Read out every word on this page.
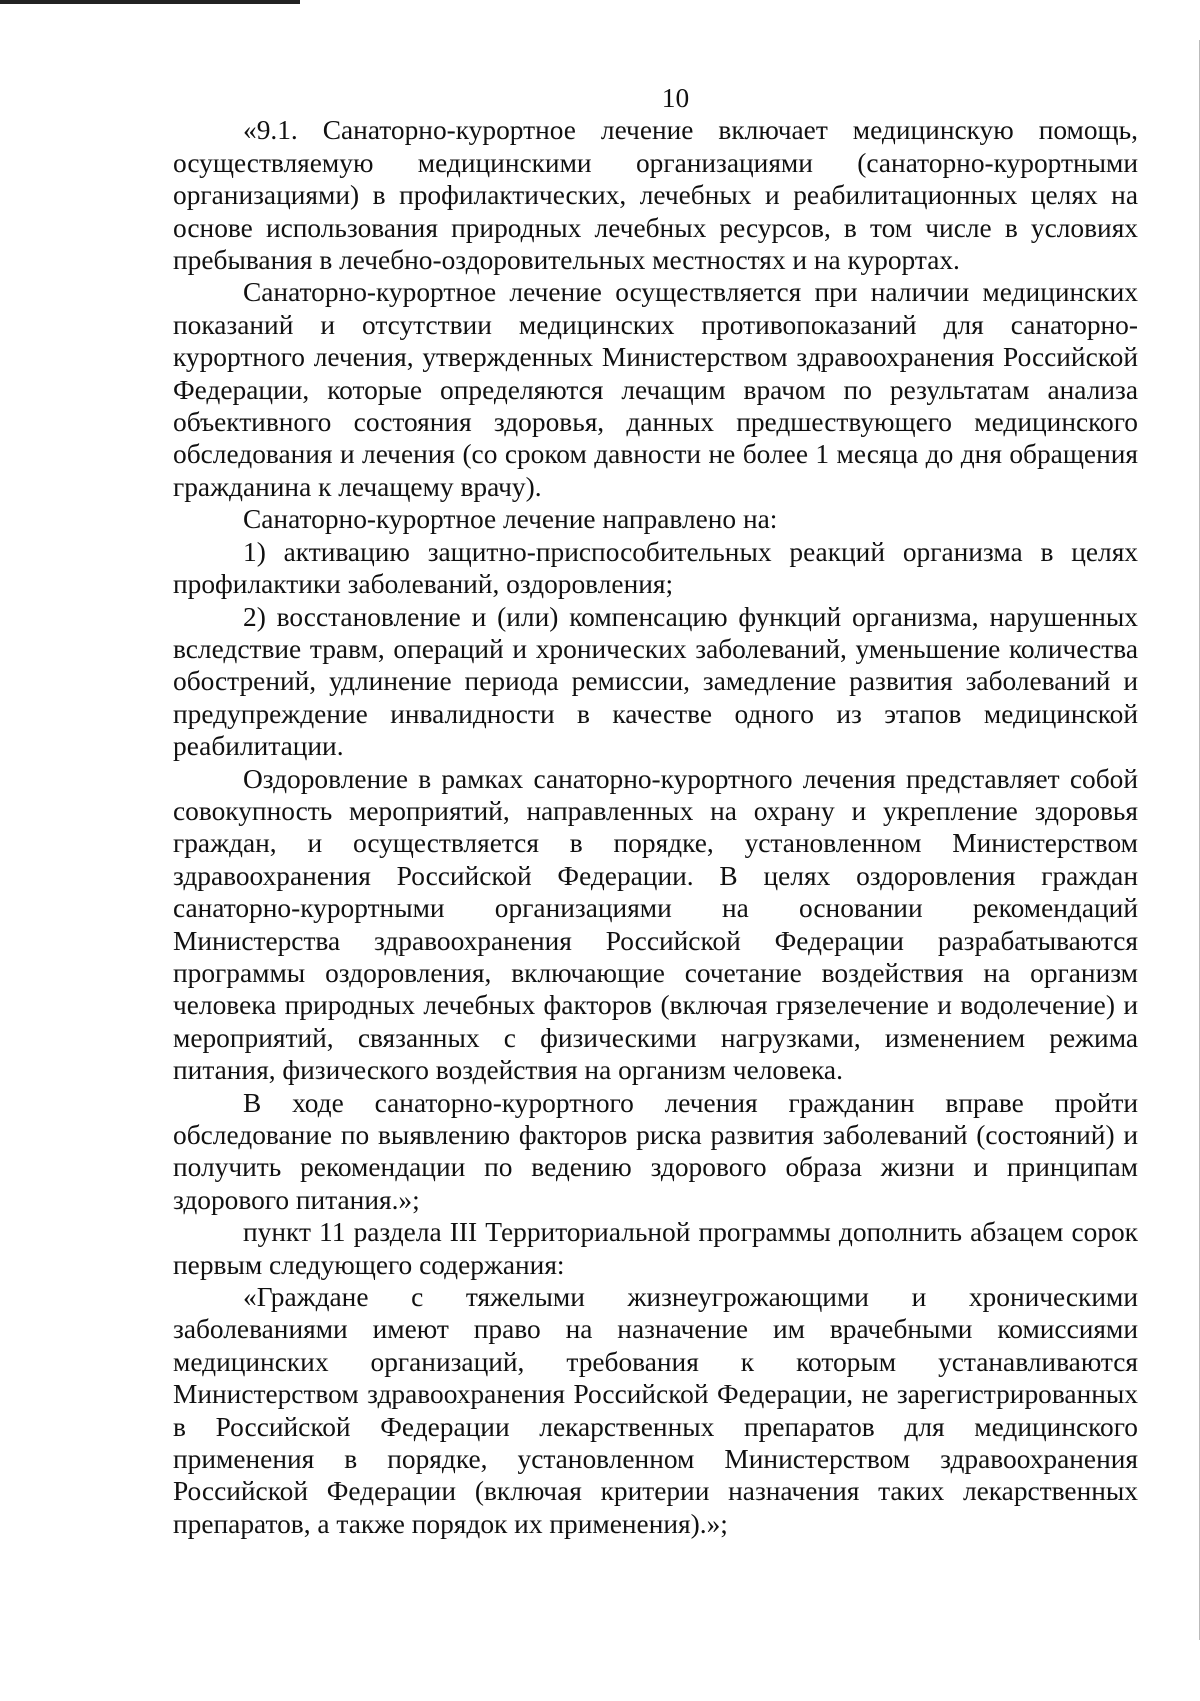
10

«9.1. Санаторно-курортное лечение включает медицинскую помощь, осуществляемую медицинскими организациями (санаторно-курортными организациями) в профилактических, лечебных и реабилитационных целях на основе использования природных лечебных ресурсов, в том числе в условиях пребывания в лечебно-оздоровительных местностях и на курортах.

Санаторно-курортное лечение осуществляется при наличии медицинских показаний и отсутствии медицинских противопоказаний для санаторно-курортного лечения, утвержденных Министерством здравоохранения Российской Федерации, которые определяются лечащим врачом по результатам анализа объективного состояния здоровья, данных предшествующего медицинского обследования и лечения (со сроком давности не более 1 месяца до дня обращения гражданина к лечащему врачу).

Санаторно-курортное лечение направлено на:

1) активацию защитно-приспособительных реакций организма в целях профилактики заболеваний, оздоровления;

2) восстановление и (или) компенсацию функций организма, нарушенных вследствие травм, операций и хронических заболеваний, уменьшение количества обострений, удлинение периода ремиссии, замедление развития заболеваний и предупреждение инвалидности в качестве одного из этапов медицинской реабилитации.

Оздоровление в рамках санаторно-курортного лечения представляет собой совокупность мероприятий, направленных на охрану и укрепление здоровья граждан, и осуществляется в порядке, установленном Министерством здравоохранения Российской Федерации. В целях оздоровления граждан санаторно-курортными организациями на основании рекомендаций Министерства здравоохранения Российской Федерации разрабатываются программы оздоровления, включающие сочетание воздействия на организм человека природных лечебных факторов (включая грязелечение и водолечение) и мероприятий, связанных с физическими нагрузками, изменением режима питания, физического воздействия на организм человека.

В ходе санаторно-курортного лечения гражданин вправе пройти обследование по выявлению факторов риска развития заболеваний (состояний) и получить рекомендации по ведению здорового образа жизни и принципам здорового питания.»;

пункт 11 раздела III Территориальной программы дополнить абзацем сорок первым следующего содержания:

«Граждане с тяжелыми жизнеугрожающими и хроническими заболеваниями имеют право на назначение им врачебными комиссиями медицинских организаций, требования к которым устанавливаются Министерством здравоохранения Российской Федерации, не зарегистрированных в Российской Федерации лекарственных препаратов для медицинского применения в порядке, установленном Министерством здравоохранения Российской Федерации (включая критерии назначения таких лекарственных препаратов, а также порядок их применения).»;
